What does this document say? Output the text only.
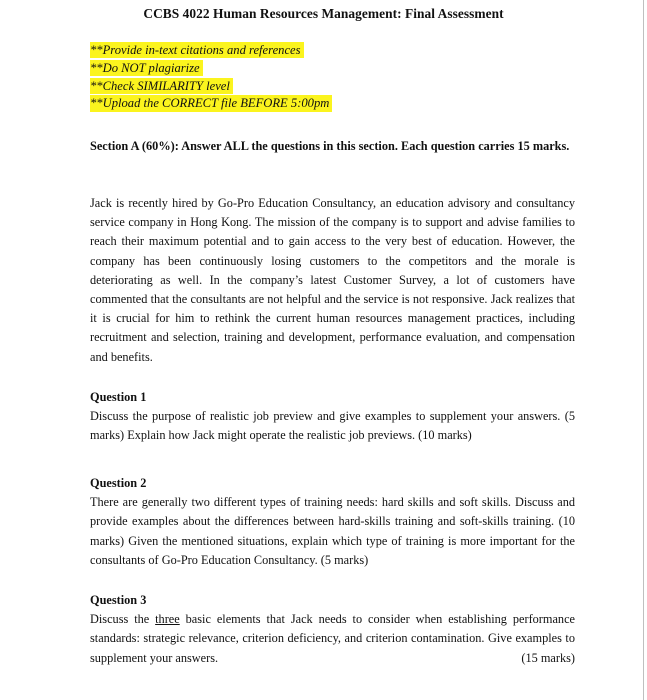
CCBS 4022 Human Resources Management: Final Assessment
**Provide in-text citations and references
**Do NOT plagiarize
**Check SIMILARITY level
**Upload the CORRECT file BEFORE 5:00pm
Section A (60%): Answer ALL the questions in this section. Each question carries 15 marks.
Jack is recently hired by Go-Pro Education Consultancy, an education advisory and consultancy service company in Hong Kong. The mission of the company is to support and advise families to reach their maximum potential and to gain access to the very best of education. However, the company has been continuously losing customers to the competitors and the morale is deteriorating as well. In the company’s latest Customer Survey, a lot of customers have commented that the consultants are not helpful and the service is not responsive. Jack realizes that it is crucial for him to rethink the current human resources management practices, including recruitment and selection, training and development, performance evaluation, and compensation and benefits.
Question 1
Discuss the purpose of realistic job preview and give examples to supplement your answers. (5 marks) Explain how Jack might operate the realistic job previews. (10 marks)
Question 2
There are generally two different types of training needs: hard skills and soft skills. Discuss and provide examples about the differences between hard-skills training and soft-skills training. (10 marks) Given the mentioned situations, explain which type of training is more important for the consultants of Go-Pro Education Consultancy. (5 marks)
Question 3
Discuss the three basic elements that Jack needs to consider when establishing performance standards: strategic relevance, criterion deficiency, and criterion contamination. Give examples to supplement your answers.	(15 marks)
